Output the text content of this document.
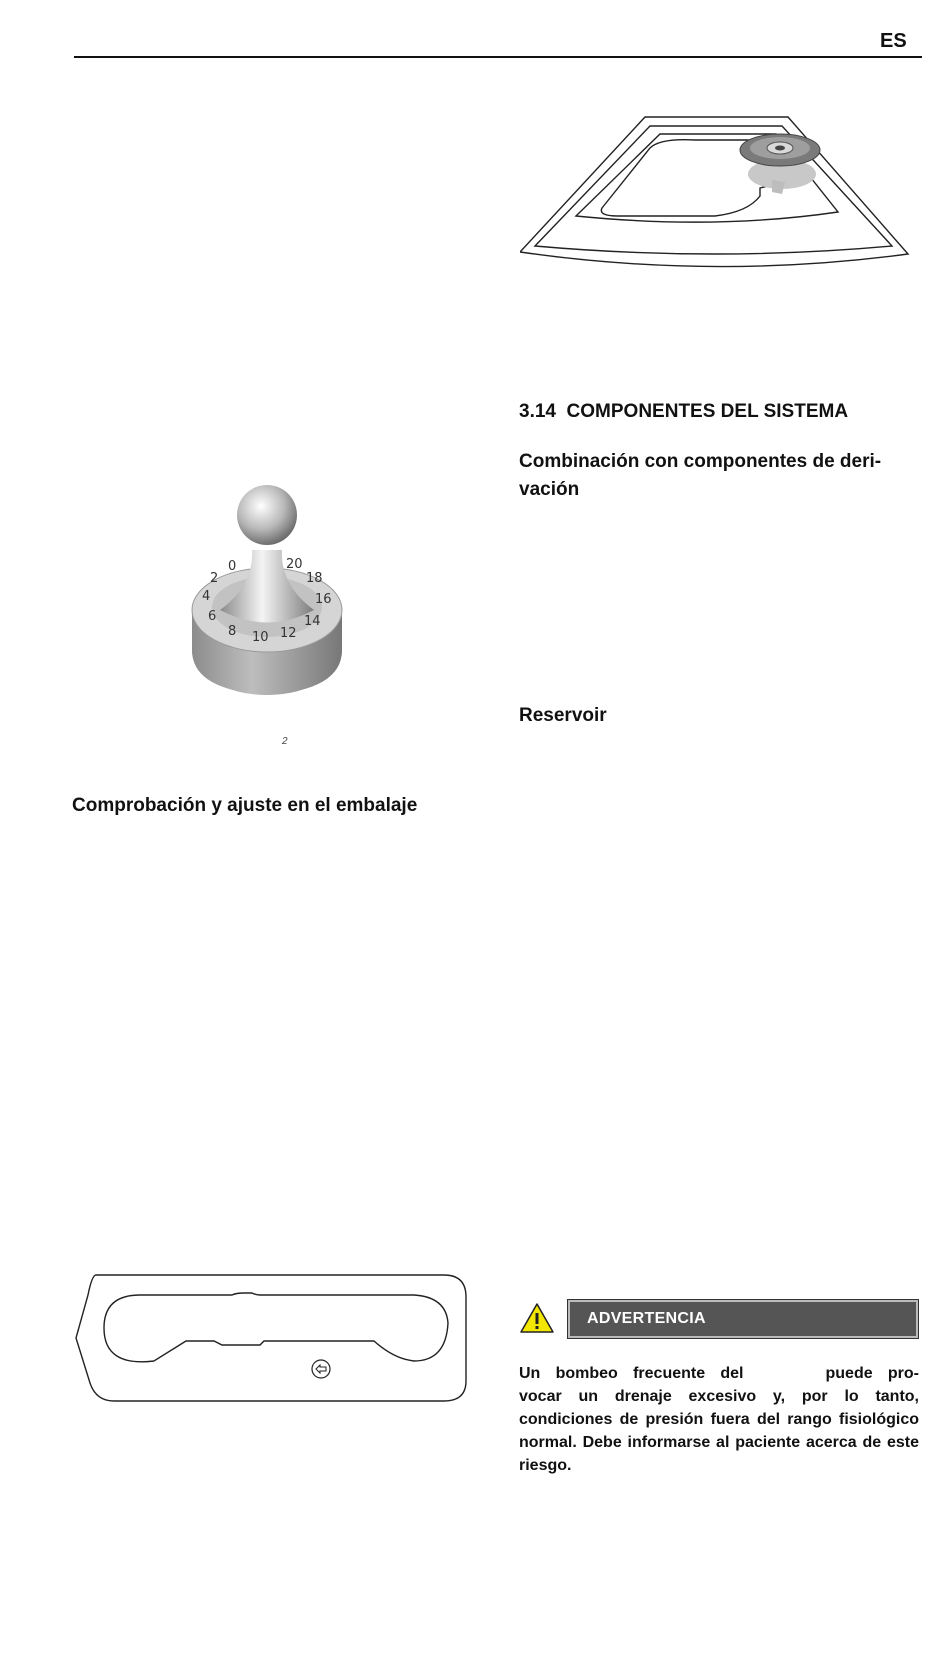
ES
0
2
4
6
8 10 12
14
16
18
20
2
Comprobación y ajuste en el embalaje
3.14 COMPONENTES DEL SISTEMA
Combinación con componentes de deri-
vación
Reservoir
ADVERTENCIA
Un bombeo frecuente del	puede pro- vocar un drenaje excesivo y, por lo tanto, condiciones de presión fuera del rango fisiológico normal. Debe informarse al paciente acerca de este riesgo.
